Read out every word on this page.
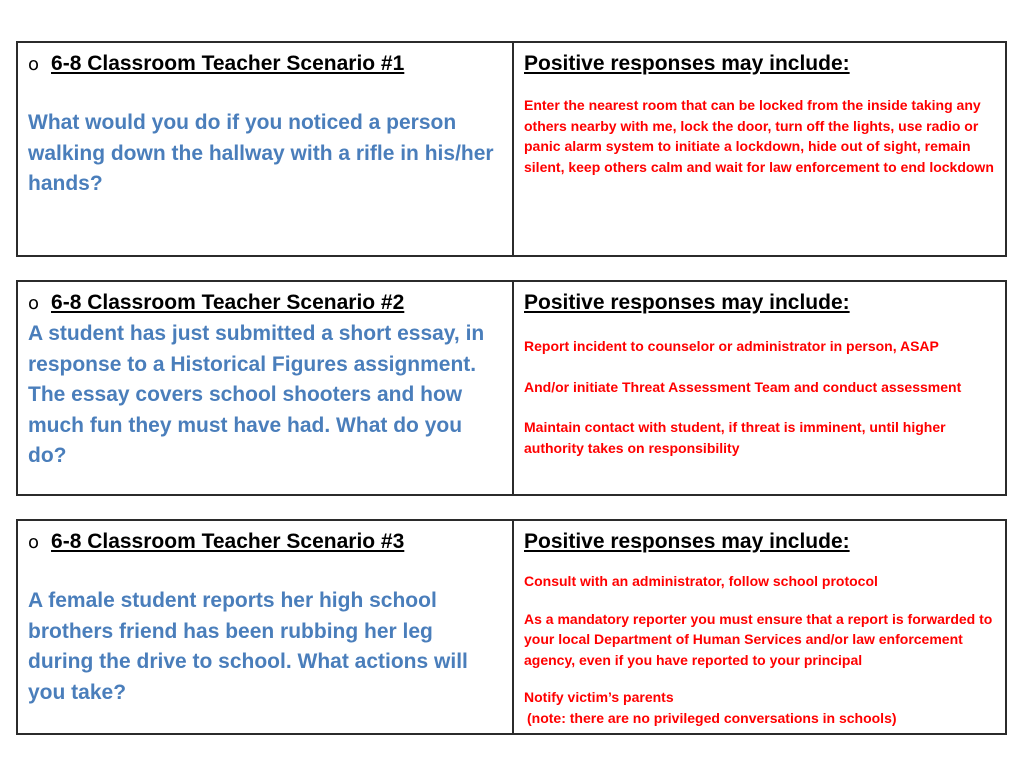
o 6-8 Classroom Teacher Scenario #1
What would you do if you noticed a person walking down the hallway with a rifle in his/her hands?
Positive responses may include:
Enter the nearest room that can be locked from the inside taking any others nearby with me, lock the door, turn off the lights, use radio or panic alarm system to initiate a lockdown, hide out of sight, remain silent, keep others calm and wait for law enforcement to end lockdown
o 6-8 Classroom Teacher Scenario #2
A student has just submitted a short essay, in response to a Historical Figures assignment. The essay covers school shooters and how much fun they must have had. What do you do?
Positive responses may include:
Report incident to counselor or administrator in person, ASAP
And/or initiate Threat Assessment Team and conduct assessment
Maintain contact with student, if threat is imminent, until higher authority takes on responsibility
o 6-8 Classroom Teacher Scenario #3
A female student reports her high school brothers friend has been rubbing her leg during the drive to school. What actions will you take?
Positive responses may include:
Consult with an administrator, follow school protocol
As a mandatory reporter you must ensure that a report is forwarded to your local Department of Human Services and/or law enforcement agency, even if you have reported to your principal
Notify victim’s parents
(note: there are no privileged conversations in schools)
